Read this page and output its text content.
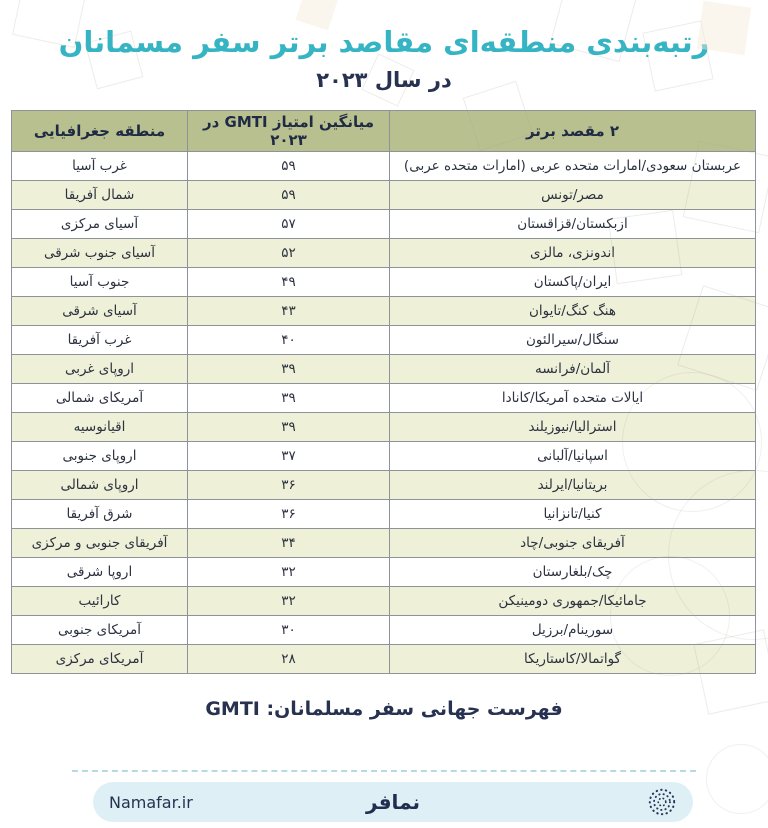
رتبه‌بندی منطقه‌ای مقاصد برتر سفر مسمانان
در سال ۲۰۲۳
۲ مقصد برتر	میانگین امتیاز GMTI در ۲۰۲۳	منطقه جغرافیایی
عربستان سعودی/امارات متحده عربی (امارات متحده عربی)	۵۹	غرب آسیا
مصر/تونس	۵۹	شمال آفریقا
ازبکستان/قزاقستان	۵۷	آسیای مرکزی
اندونزی، مالزی	۵۲	آسیای جنوب شرقی
ایران/پاکستان	۴۹	جنوب آسیا
هنگ کنگ/تایوان	۴۳	آسیای شرقی
سنگال/سیرالئون	۴۰	غرب آفریقا
آلمان/فرانسه	۳۹	اروپای غربی
ایالات متحده آمریکا/کانادا	۳۹	آمریکای شمالی
استرالیا/نیوزیلند	۳۹	اقیانوسیه
اسپانیا/آلبانی	۳۷	اروپای جنوبی
بریتانیا/ایرلند	۳۶	اروپای شمالی
کنیا/تانزانیا	۳۶	شرق آفریقا
آفریقای جنوبی/چاد	۳۴	آفریقای جنوبی و مرکزی
چک/بلغارستان	۳۲	اروپا شرقی
جامائیکا/جمهوری دومینیکن	۳۲	کارائیب
سورینام/برزیل	۳۰	آمریکای جنوبی
گواتمالا/کاستاریکا	۲۸	آمریکای مرکزی
فهرست جهانی سفر مسلمانان: GMTI
Namafar.ir	نمافر
